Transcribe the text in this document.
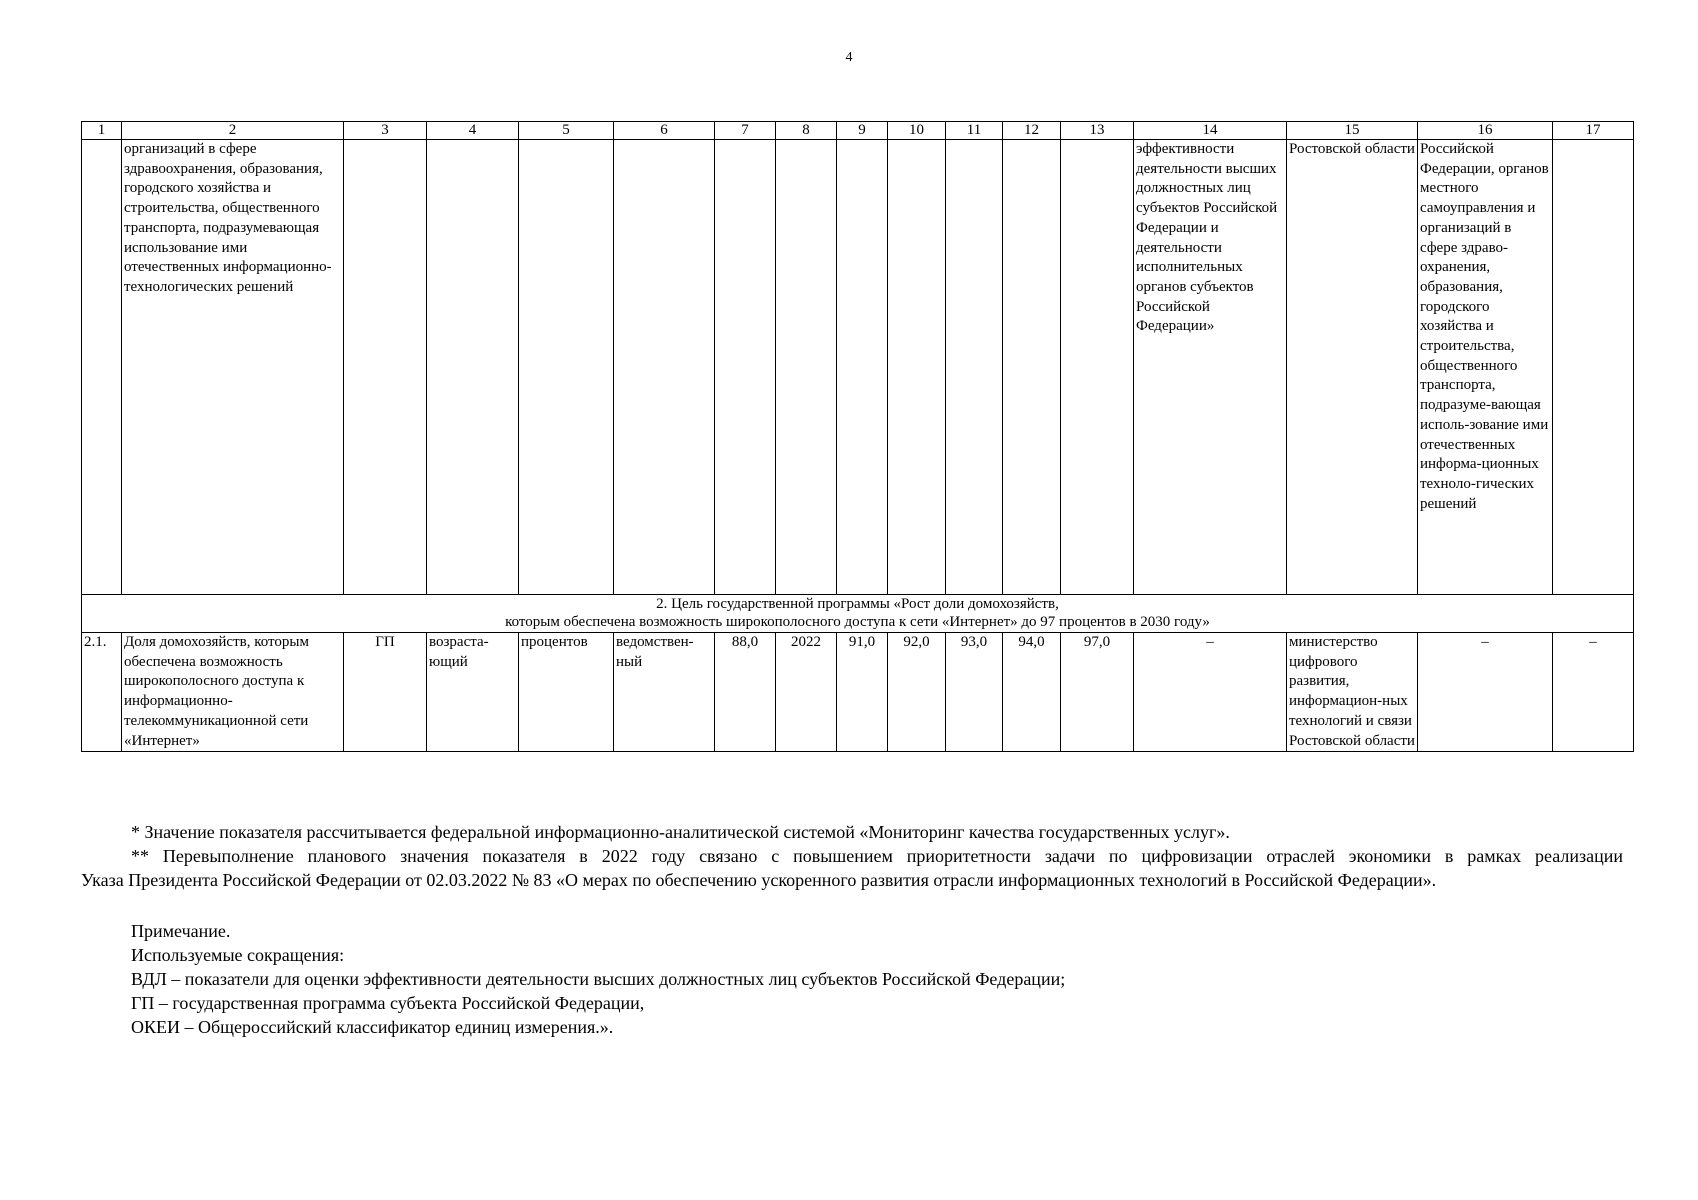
4
1	2	3	4	5	6	7	8	9	10	11	12	13	14	15	16	17
	организаций в сфере здравоохранения, образования, городского хозяйства и строительства, общественного транспорта, подразумевающая использование ими отечественных информационно-технологических решений												эффективности деятельности высших должностных лиц субъектов Российской Федерации и деятельности исполнительных органов субъектов Российской Федерации»	Ростовской области	Российской Федерации, органов местного самоуправления и организаций в сфере здраво-охранения, образования, городского хозяйства и строительства, общественного транспорта, подразуме-вающая исполь-зование ими отечественных информа-ционных техноло-гических решений	

2. Цель государственной программы «Рост доли домохозяйств,
которым обеспечена возможность широкополосного доступа к сети «Интернет» до 97 процентов в 2030 году»																

2.1.	Доля домохозяйств, которым обеспечена возможность широкополосного доступа к информационно-телекоммуникационной сети «Интернет»	ГП	возраста-ющий	процентов	ведомствен-ный	88,0	2022	91,0	92,0	93,0	94,0	97,0	–	министерство цифрового развития, информацион-ных технологий и связи Ростовской области	–	–

* Значение показателя рассчитывается федеральной информационно-аналитической системой «Мониторинг качества государственных услуг».

** Перевыполнение планового значения показателя в 2022 году связано с повышением приоритетности задачи по цифровизации отраслей экономики в рамках реализации

Указа Президента Российской Федерации от 02.03.2022 № 83 «О мерах по обеспечению ускоренного развития отрасли информационных технологий в Российской Федерации».

Примечание.

Используемые сокращения:

ВДЛ – показатели для оценки эффективности деятельности высших должностных лиц субъектов Российской Федерации;

ГП – государственная программа субъекта Российской Федерации,

ОКЕИ – Общероссийский классификатор единиц измерения.».
